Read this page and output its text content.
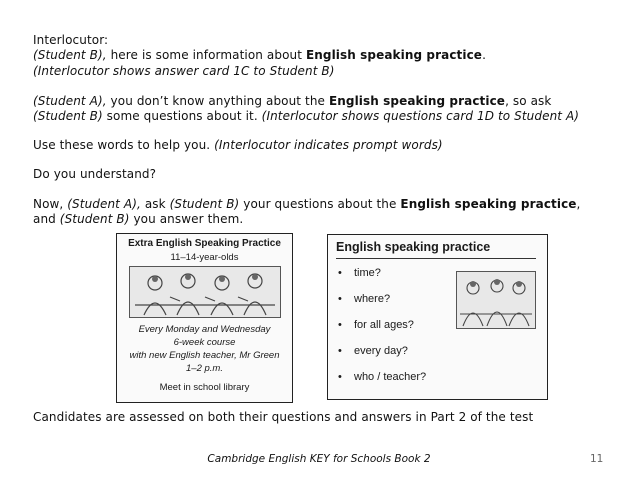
Interlocutor:
(Student B), here is some information about English speaking practice.
(Interlocutor shows answer card 1C to Student B)
(Student A), you don’t know anything about the English speaking practice, so ask
(Student B) some questions about it. (Interlocutor shows questions card 1D to Student A)
Use these words to help you. (Interlocutor indicates prompt words)
Do you understand?
Now, (Student A), ask (Student B) your questions about the English speaking practice,
and (Student B) you answer them.
Extra English Speaking Practice
11–14-year-olds
Every Monday and Wednesday
6-week course
with new English teacher, Mr Green
1–2 p.m.
Meet in school library
English speaking practice
• time?
• where?
• for all ages?
• every day?
• who / teacher?
Candidates are assessed on both their questions and answers in Part 2 of the test
Cambridge English KEY for Schools Book 2	11
